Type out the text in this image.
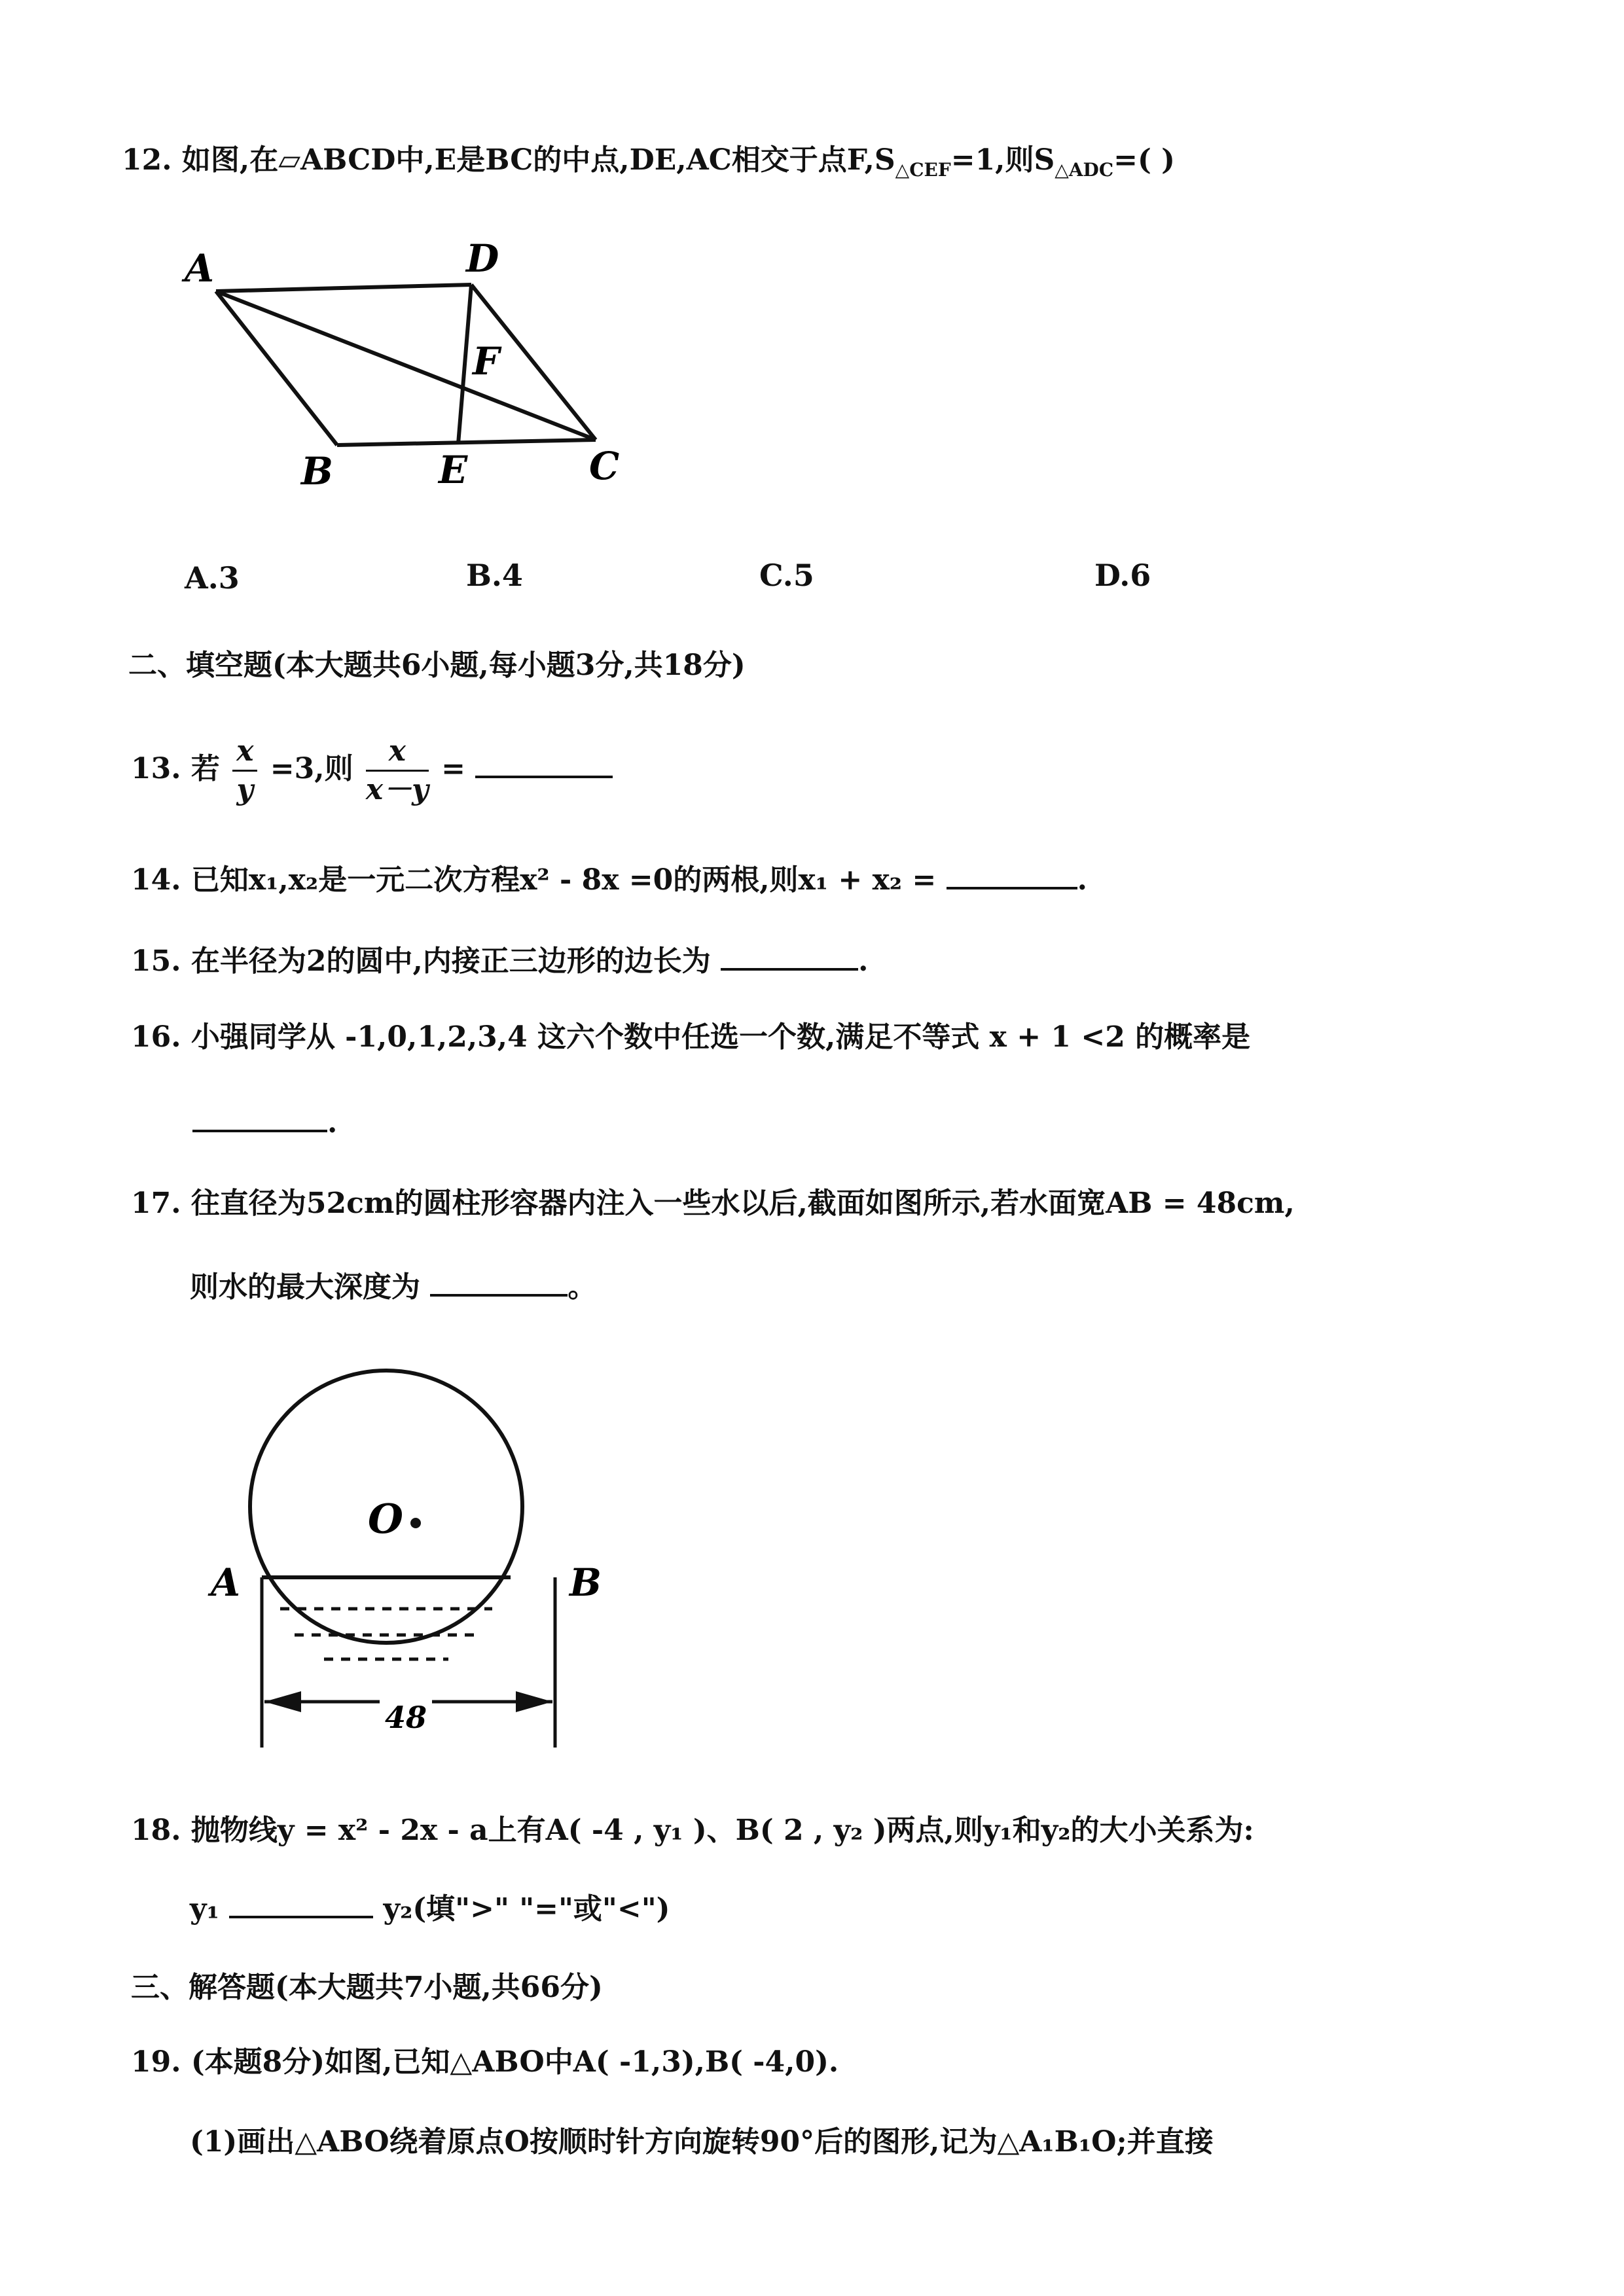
12. 如图,在▱ABCD中,E是BC的中点,DE,AC相交于点$F,S_{\triangle CEF}=1$,则$S_{\triangle ADC}=$( )
A	D
F
B	E	C
A.3	B.4	C.5	D.6
二、填空题(本大题共6小题,每小题3分,共18分)
13. 若 $\frac{x}{y} =3$,则 $\frac{x}{x-y}$ =
14. 已知x₁,x₂是一元二次方程x² - 8x =0的两根,则x₁ + x₂ =	.
15. 在半径为2的圆中,内接正三边形的边长为	.
16. 小强同学从 -1,0,1,2,3,4 这六个数中任选一个数,满足不等式 x + 1 <2 的概率是
.
17. 往直径为52cm的圆柱形容器内注入一些水以后,截面如图所示,若水面宽AB = 48cm,
则水的最大深度为	。
O
A	B
48
18. 抛物线y = x² - 2x - a上有A( -4 , y₁ )、B( 2 , y₂ )两点,则y₁和y₂的大小关系为:
y₁	y₂(填">" "="或"<")
三、解答题(本大题共7小题,共66分)
19. (本题8分)如图,已知△ABO中A( -1,3),B( -4,0).
(1)画出△ABO绕着原点O按顺时针方向旋转90°后的图形,记为△A₁B₁O;并直接
